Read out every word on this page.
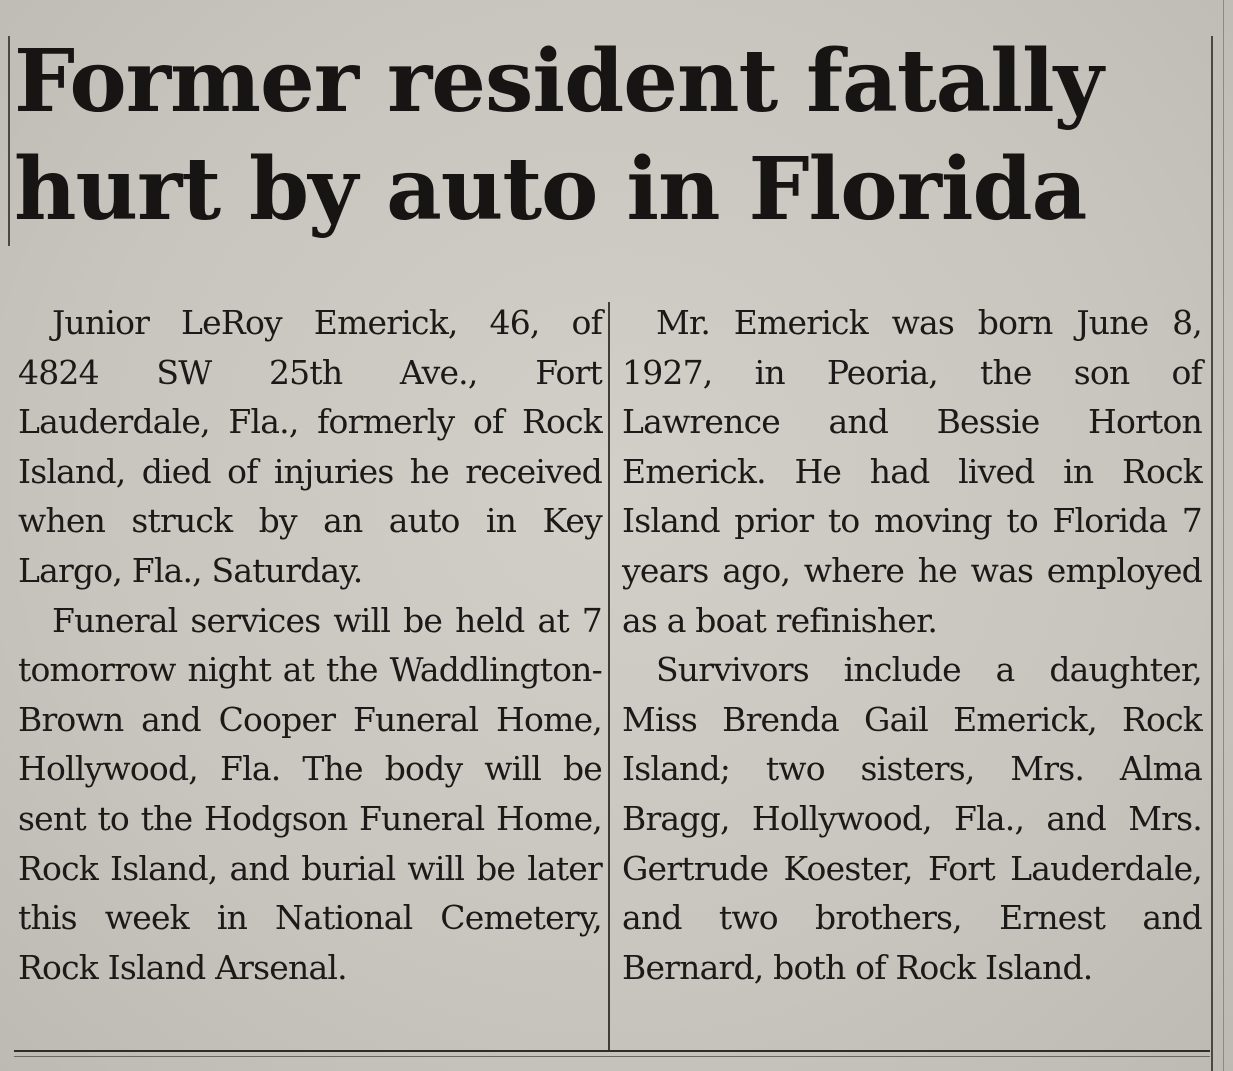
Former resident fatally
hurt by auto in Florida

Junior LeRoy Emerick, 46, of 4824 SW 25th Ave., Fort Lauderdale, Fla., formerly of Rock Island, died of injuries he received when struck by an auto in Key Largo, Fla., Saturday.

Funeral services will be held at 7 tomorrow night at the Waddlington-Brown and Cooper Funeral Home, Hollywood, Fla. The body will be sent to the Hodgson Funeral Home, Rock Island, and burial will be later this week in National Cemetery, Rock Island Arsenal.

Mr. Emerick was born June 8, 1927, in Peoria, the son of Lawrence and Bessie Horton Emerick. He had lived in Rock Island prior to moving to Florida 7 years ago, where he was employed as a boat refinisher.

Survivors include a daughter, Miss Brenda Gail Emerick, Rock Island; two sisters, Mrs. Alma Bragg, Hollywood, Fla., and Mrs. Gertrude Koester, Fort Lauderdale, and two brothers, Ernest and Bernard, both of Rock Island.
